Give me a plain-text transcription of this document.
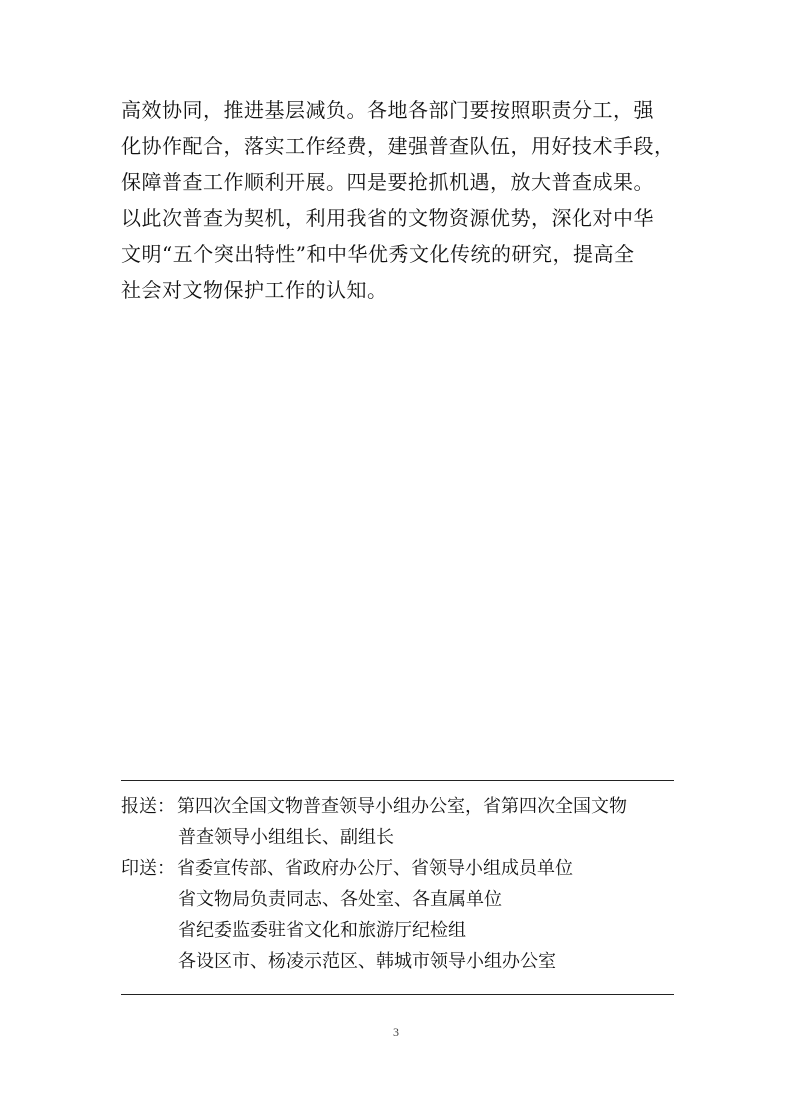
高效协同，推进基层减负。各地各部门要按照职责分工，强
化协作配合，落实工作经费，建强普查队伍，用好技术手段，
保障普查工作顺利开展。四是要抢抓机遇，放大普查成果。
以此次普查为契机，利用我省的文物资源优势，深化对中华
文明“五个突出特性”和中华优秀文化传统的研究，提高全
社会对文物保护工作的认知。
报送： 第四次全国文物普查领导小组办公室，省第四次全国文物
普查领导小组组长、副组长
印送： 省委宣传部、省政府办公厅、省领导小组成员单位
省文物局负责同志、各处室、各直属单位
省纪委监委驻省文化和旅游厅纪检组
各设区市、杨凌示范区、韩城市领导小组办公室
3
